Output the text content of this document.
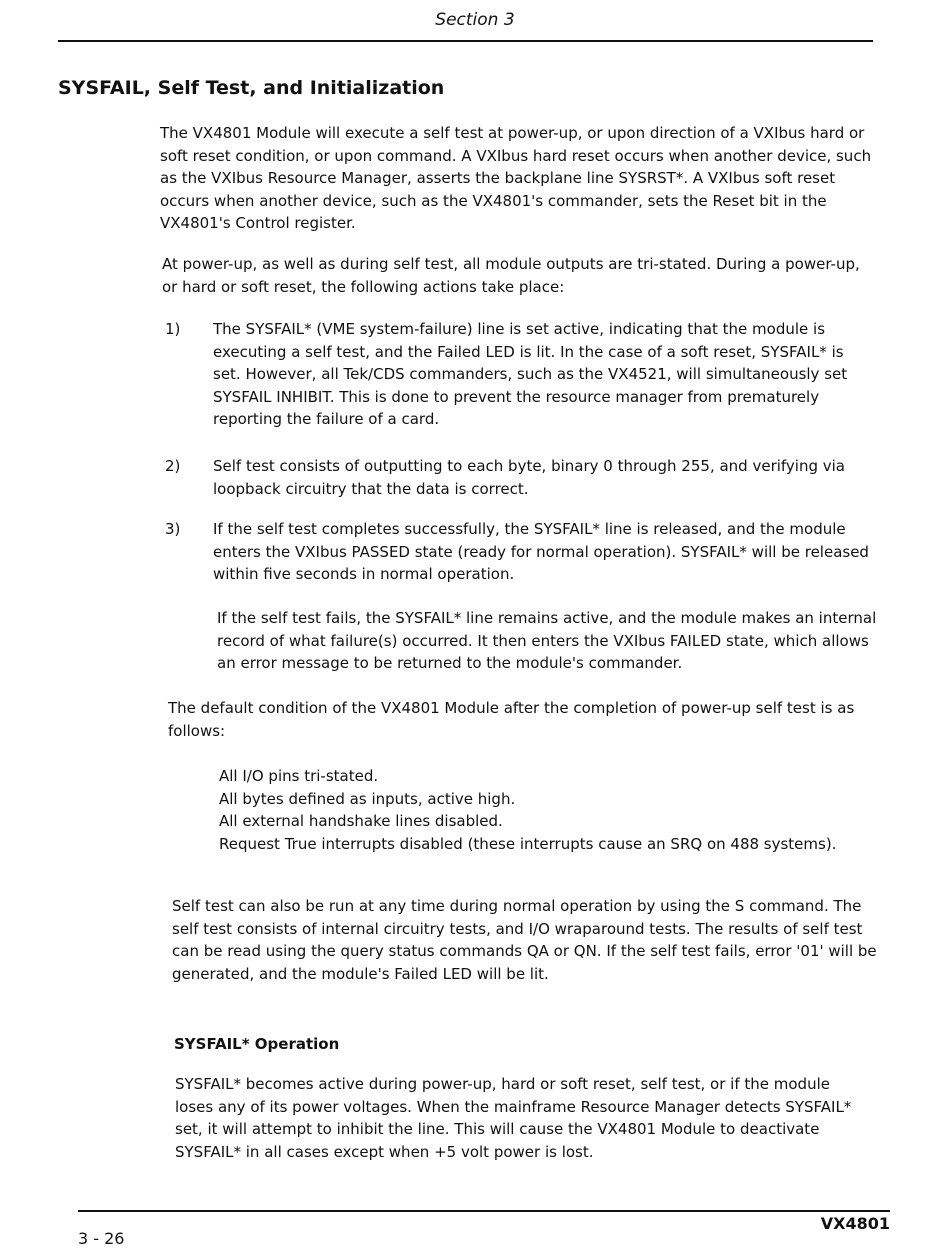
Section 3
SYSFAIL, Self Test, and Initialization

The VX4801 Module will execute a self test at power-up, or upon direction of a VXIbus hard or soft reset condition, or upon command. A VXIbus hard reset occurs when another device, such as the VXIbus Resource Manager, asserts the backplane line SYSRST*. A VXIbus soft reset occurs when another device, such as the VX4801's commander, sets the Reset bit in the VX4801's Control register.

At power-up, as well as during self test, all module outputs are tri-stated. During a power-up, or hard or soft reset, the following actions take place:

1) The SYSFAIL* (VME system-failure) line is set active, indicating that the module is executing a self test, and the Failed LED is lit. In the case of a soft reset, SYSFAIL* is set. However, all Tek/CDS commanders, such as the VX4521, will simultaneously set SYSFAIL INHIBIT. This is done to prevent the resource manager from prematurely reporting the failure of a card.

2) Self test consists of outputting to each byte, binary 0 through 255, and verifying via loopback circuitry that the data is correct.

3) If the self test completes successfully, the SYSFAIL* line is released, and the module enters the VXIbus PASSED state (ready for normal operation). SYSFAIL* will be released within five seconds in normal operation.

If the self test fails, the SYSFAIL* line remains active, and the module makes an internal record of what failure(s) occurred. It then enters the VXIbus FAILED state, which allows an error message to be returned to the module's commander.

The default condition of the VX4801 Module after the completion of power-up self test is as follows:

All I/O pins tri-stated.
All bytes defined as inputs, active high.
All external handshake lines disabled.
Request True interrupts disabled (these interrupts cause an SRQ on 488 systems).

Self test can also be run at any time during normal operation by using the S command. The self test consists of internal circuitry tests, and I/O wraparound tests. The results of self test can be read using the query status commands QA or QN. If the self test fails, error '01' will be generated, and the module's Failed LED will be lit.

SYSFAIL* Operation

SYSFAIL* becomes active during power-up, hard or soft reset, self test, or if the module loses any of its power voltages. When the mainframe Resource Manager detects SYSFAIL* set, it will attempt to inhibit the line. This will cause the VX4801 Module to deactivate SYSFAIL* in all cases except when +5 volt power is lost.

3 - 26
VX4801
